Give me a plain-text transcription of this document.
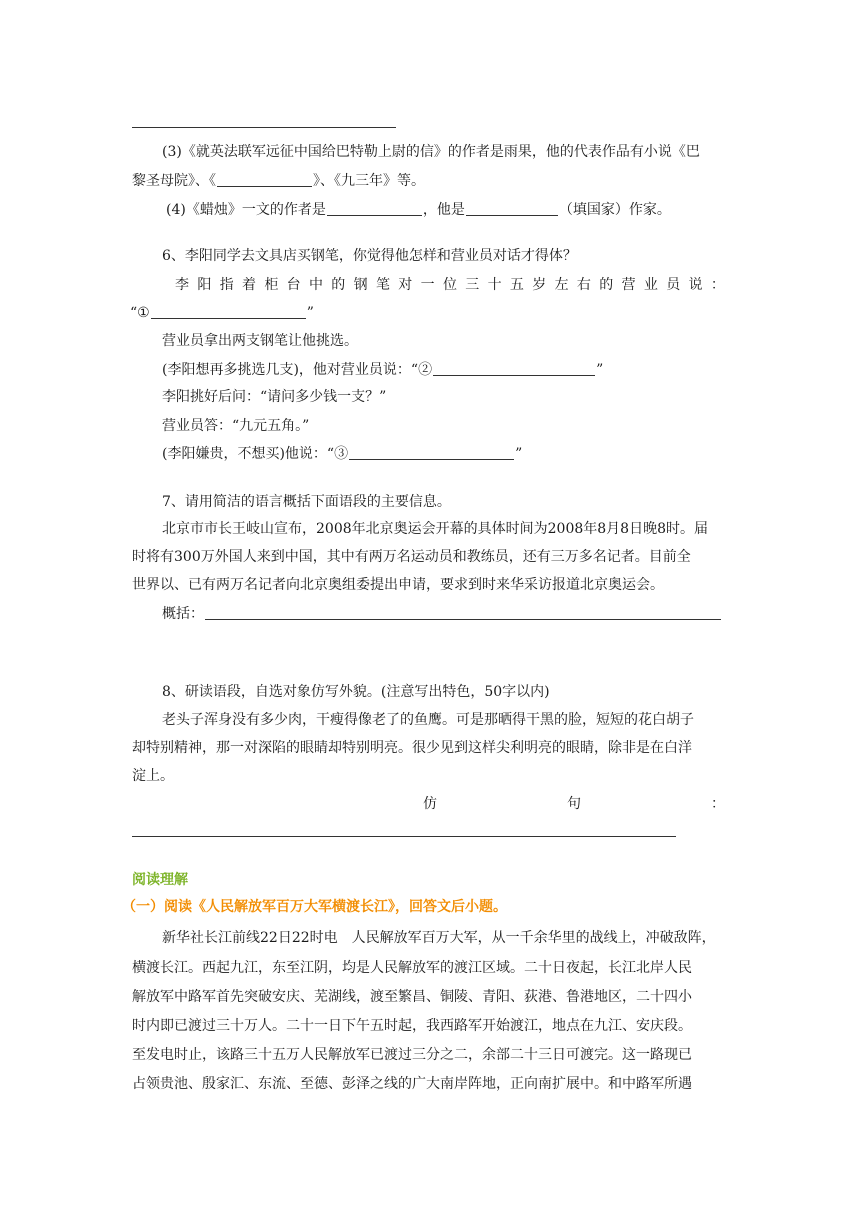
(3)《就英法联军远征中国给巴特勒上尉的信》的作者是雨果，他的代表作品有小说《巴
黎圣母院》、《	》、《九三年》等。
(4)《蜡烛》一文的作者是	，他是	（填国家）作家。
6、李阳同学去文具店买钢笔，你觉得他怎样和营业员对话才得体？
李 阳 指 着 柜 台 中 的 钢 笔 对 一 位 三 十 五 岁 左 右 的 营 业 员 说 ：
“①	”
营业员拿出两支钢笔让他挑选。
(李阳想再多挑选几支)，他对营业员说：“②	”
李阳挑好后问：“请问多少钱一支？”
营业员答：“九元五角。”
(李阳嫌贵，不想买)他说：“③	”
7、请用简洁的语言概括下面语段的主要信息。
北京市市长王岐山宣布，2008年北京奥运会开幕的具体时间为2008年8月8日晚8时。届
时将有300万外国人来到中国，其中有两万名运动员和教练员，还有三万多名记者。目前全
世界以、已有两万名记者向北京奥组委提出申请，要求到时来华采访报道北京奥运会。
概括：
8、研读语段，自选对象仿写外貌。(注意写出特色，50字以内)
老头子浑身没有多少肉，干瘦得像老了的鱼鹰。可是那晒得干黑的脸，短短的花白胡子
却特别精神，那一对深陷的眼睛却特别明亮。很少见到这样尖利明亮的眼睛，除非是在白洋
淀上。
仿	句	：
阅读理解
（一）阅读《人民解放军百万大军横渡长江》，回答文后小题。
新华社长江前线22日22时电　人民解放军百万大军，从一千余华里的战线上，冲破敌阵，
横渡长江。西起九江，东至江阴，均是人民解放军的渡江区域。二十日夜起，长江北岸人民
解放军中路军首先突破安庆、芜湖线，渡至繁昌、铜陵、青阳、荻港、鲁港地区，二十四小
时内即已渡过三十万人。二十一日下午五时起，我西路军开始渡江，地点在九江、安庆段。
至发电时止，该路三十五万人民解放军已渡过三分之二，余部二十三日可渡完。这一路现已
占领贵池、殷家汇、东流、至德、彭泽之线的广大南岸阵地，正向南扩展中。和中路军所遇
